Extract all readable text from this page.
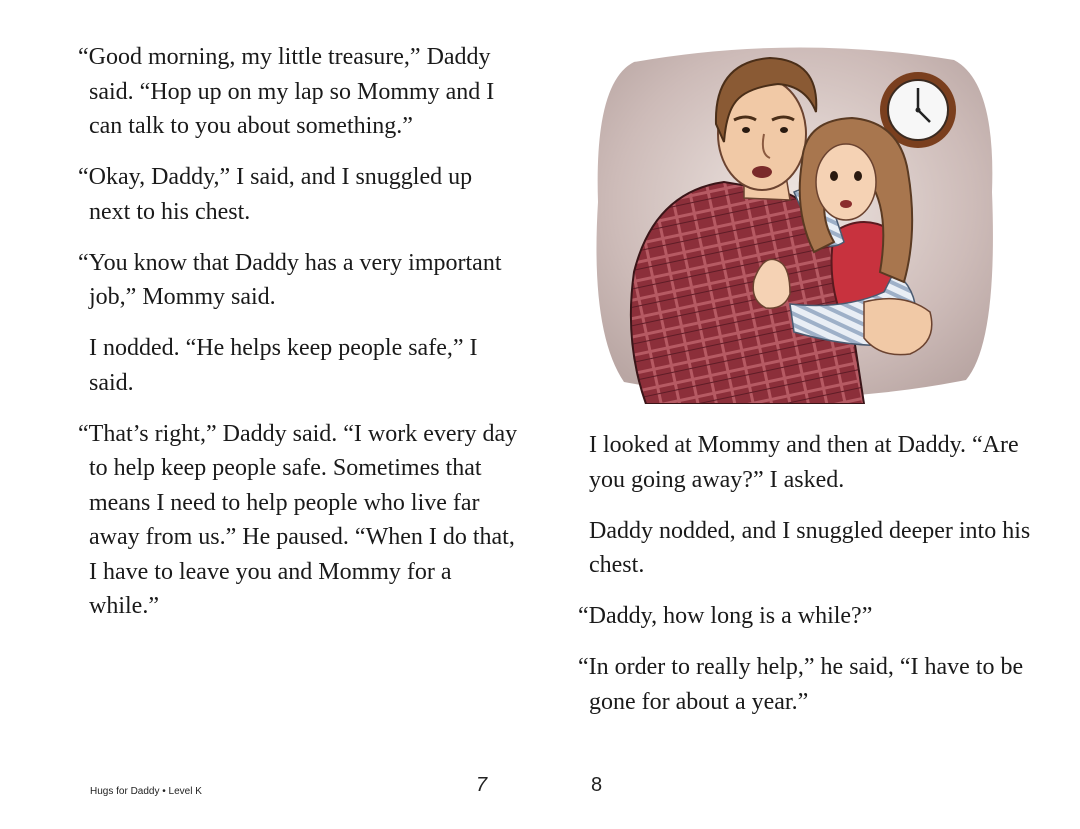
“Good morning, my little treasure,” Daddy said. “Hop up on my lap so Mommy and I can talk to you about something.”

“Okay, Daddy,” I said, and I snuggled up next to his chest.

“You know that Daddy has a very important job,” Mommy said.

I nodded. “He helps keep people safe,” I said.

“That’s right,” Daddy said. “I work every day to help keep people safe. Sometimes that means I need to help people who live far away from us.” He paused. “When I do that, I have to leave you and Mommy for a while.”

Hugs for Daddy • Level K	7

I looked at Mommy and then at Daddy. “Are you going away?” I asked.

Daddy nodded, and I snuggled deeper into his chest.

“Daddy, how long is a while?”

“In order to really help,” he said, “I have to be gone for about a year.”

8
